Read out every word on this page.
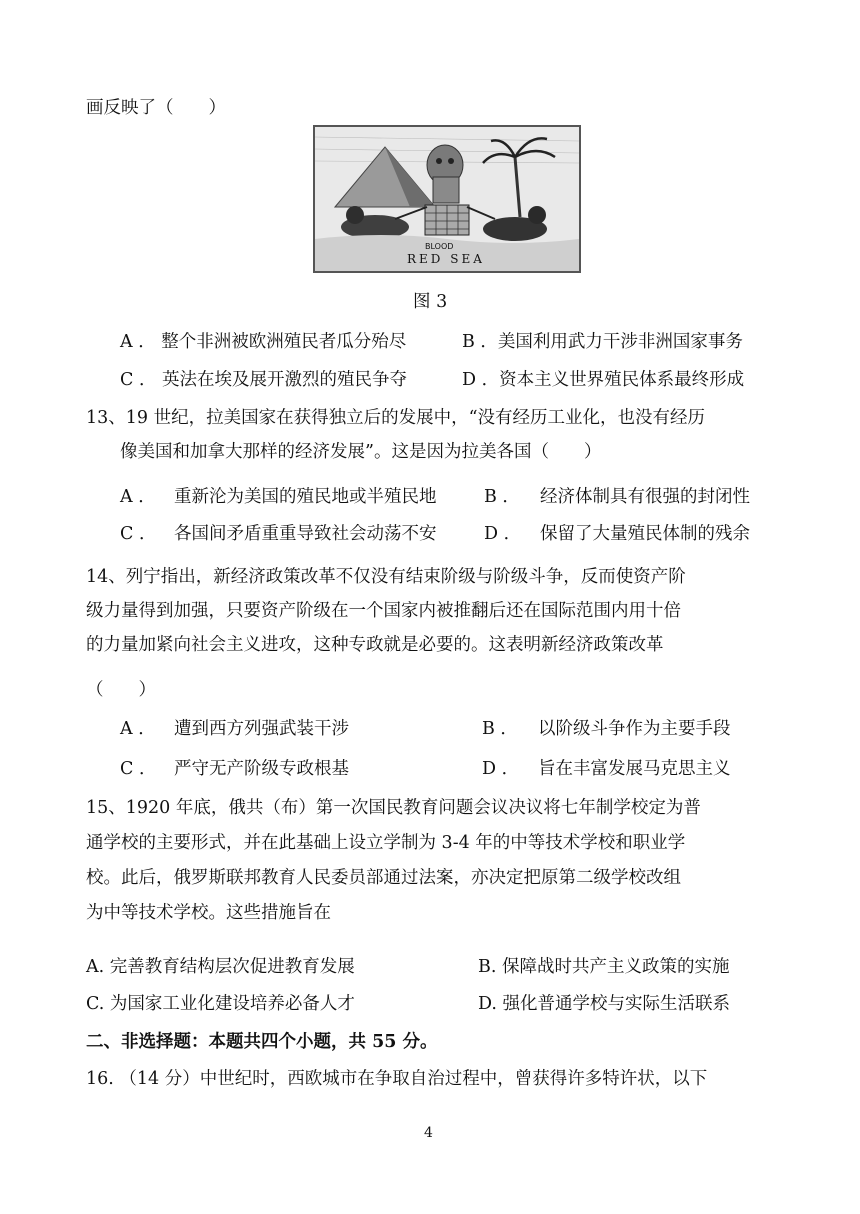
画反映了（　　）
BLOOD
RED SEA
图 3
A ． 整个非洲被欧洲殖民者瓜分殆尽	B ．美国利用武力干涉非洲国家事务
C ． 英法在埃及展开激烈的殖民争夺	D ．资本主义世界殖民体系最终形成
13、19 世纪，拉美国家在获得独立后的发展中，“没有经历工业化，也没有经历
像美国和加拿大那样的经济发展”。这是因为拉美各国（　　）
A ． 重新沦为美国的殖民地或半殖民地	B ． 经济体制具有很强的封闭性
C ． 各国间矛盾重重导致社会动荡不安	D ． 保留了大量殖民体制的残余
14、列宁指出，新经济政策改革不仅没有结束阶级与阶级斗争，反而使资产阶
级力量得到加强，只要资产阶级在一个国家内被推翻后还在国际范围内用十倍
的力量加紧向社会主义进攻，这种专政就是必要的。这表明新经济政策改革
（　　）
A ． 遭到西方列强武装干涉	B ． 以阶级斗争作为主要手段
C ． 严守无产阶级专政根基	D ． 旨在丰富发展马克思主义
15、1920 年底，俄共（布）第一次国民教育问题会议决议将七年制学校定为普
通学校的主要形式，并在此基础上设立学制为 3-4 年的中等技术学校和职业学
校。此后，俄罗斯联邦教育人民委员部通过法案，亦决定把原第二级学校改组
为中等技术学校。这些措施旨在
A. 完善教育结构层次促进教育发展	B. 保障战时共产主义政策的实施
C. 为国家工业化建设培养必备人才	D. 强化普通学校与实际生活联系
二、非选择题：本题共四个小题，共 55 分。
16. （14 分）中世纪时，西欧城市在争取自治过程中，曾获得许多特许状，以下
4
